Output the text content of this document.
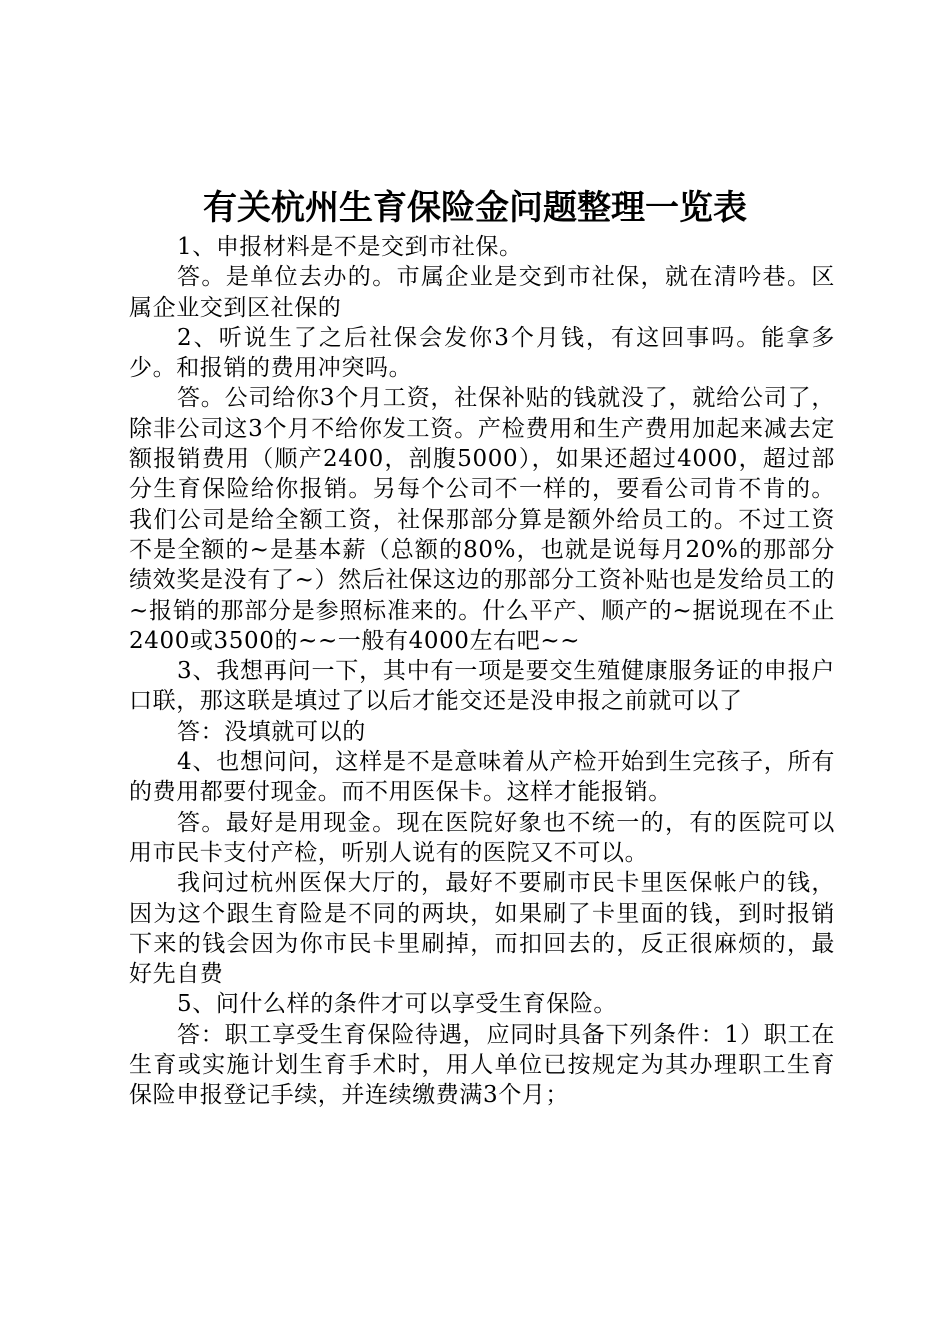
有关杭州生育保险金问题整理一览表

1、申报材料是不是交到市社保。

答。是单位去办的。市属企业是交到市社保，就在清吟巷。区属企业交到区社保的

2、听说生了之后社保会发你3个月钱，有这回事吗。能拿多少。和报销的费用冲突吗。

答。公司给你3个月工资，社保补贴的钱就没了，就给公司了，除非公司这3个月不给你发工资。产检费用和生产费用加起来减去定额报销费用（顺产2400，剖腹5000），如果还超过4000，超过部分生育保险给你报销。另每个公司不一样的，要看公司肯不肯的。我们公司是给全额工资，社保那部分算是额外给员工的。不过工资不是全额的~是基本薪（总额的80%，也就是说每月20%的那部分绩效奖是没有了~）然后社保这边的那部分工资补贴也是发给员工的~报销的那部分是参照标准来的。什么平产、顺产的~据说现在不止2400或3500的~~一般有4000左右吧~~

3、我想再问一下，其中有一项是要交生殖健康服务证的申报户口联，那这联是填过了以后才能交还是没申报之前就可以了

答：没填就可以的

4、也想问问，这样是不是意味着从产检开始到生完孩子，所有的费用都要付现金。而不用医保卡。这样才能报销。

答。最好是用现金。现在医院好象也不统一的，有的医院可以用市民卡支付产检，听别人说有的医院又不可以。

我问过杭州医保大厅的，最好不要刷市民卡里医保帐户的钱，因为这个跟生育险是不同的两块，如果刷了卡里面的钱，到时报销下来的钱会因为你市民卡里刷掉，而扣回去的，反正很麻烦的，最好先自费

5、问什么样的条件才可以享受生育保险。

答：职工享受生育保险待遇，应同时具备下列条件：1）职工在生育或实施计划生育手术时，用人单位已按规定为其办理职工生育保险申报登记手续，并连续缴费满3个月；
